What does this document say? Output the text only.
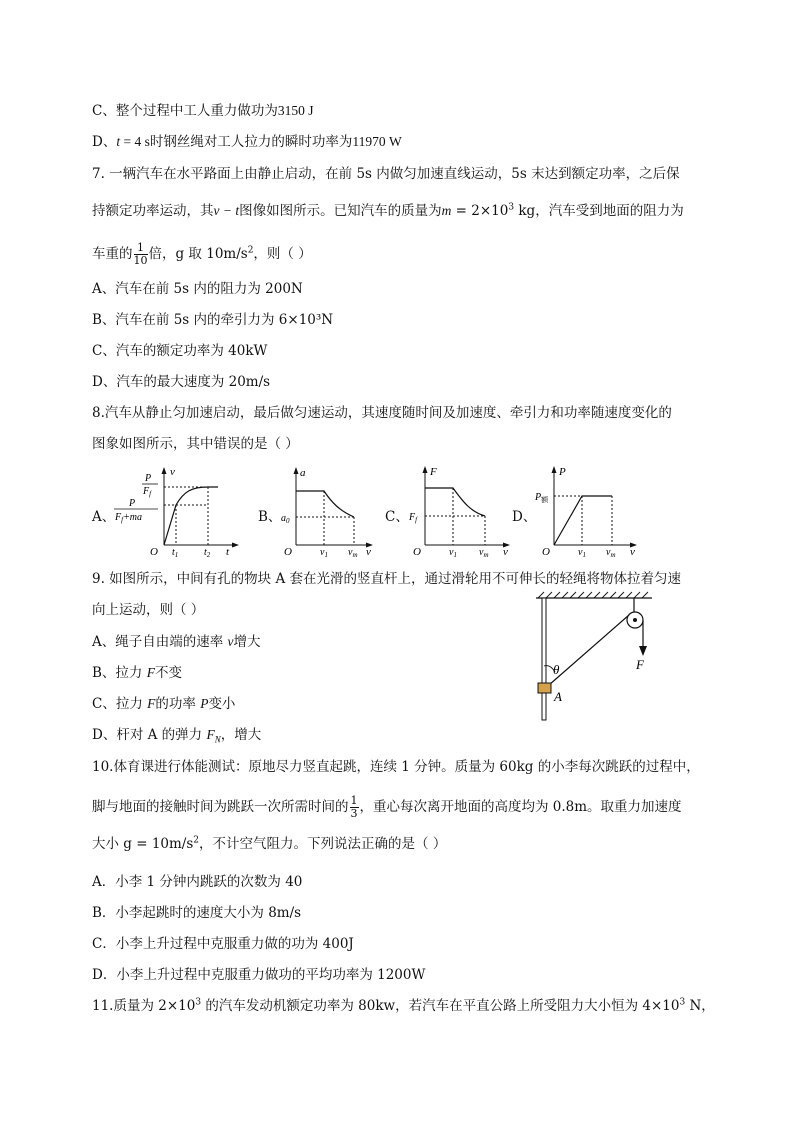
C、整个过程中工人重力做功为3150 J
D、t = 4 s时钢丝绳对工人拉力的瞬时功率为11970 W
7. 一辆汽车在水平路面上由静止启动，在前 5s 内做匀加速直线运动，5s 末达到额定功率，之后保
持额定功率运动，其v − t图像如图所示。已知汽车的质量为$m = 2\times 10^3$ kg，汽车受到地面的阻力为
车重的 $\frac{1}{10}$ 倍，g 取 $10m/s^2$，则（ ）
A、汽车在前 5s 内的阻力为 200N
B、汽车在前 5s 内的牵引力为 6×10³N
C、汽车的额定功率为 40kW
D、汽车的最大速度为 20m/s
8.汽车从静止匀加速启动，最后做匀速运动，其速度随时间及加速度、牵引力和功率随速度变化的
图象如图所示，其中错误的是（ ）
A、
v
t
O
P
$F_f$
P
$F_f+ma$
$t_1$	$t_2$
B、
a
v
O
$a_0$
$v_1$ $v_m$
C、
F
v
O
$F_f$
$v_1$ $v_m$
D、
P
v
O
$P_额$
$v_1$ $v_m$
9. 如图所示，中间有孔的物块 A 套在光滑的竖直杆上，通过滑轮用不可伸长的轻绳将物体拉着匀速
向上运动，则（ ）
A、绳子自由端的速率 v增大
B、拉力 F不变
C、拉力 F的功率 P变小
D、杆对 A 的弹力 $F_N$，增大
θ
A
F
10.体育课进行体能测试：原地尽力竖直起跳，连续 1 分钟。质量为 60kg 的小李每次跳跃的过程中，
脚与地面的接触时间为跳跃一次所需时间的 $\frac{1}{3}$ ，重心每次离开地面的高度均为 0.8m。取重力加速度
大小 $g = 10m/s^2$，不计空气阻力。下列说法正确的是（ ）
A．小李 1 分钟内跳跃的次数为 40
B．小李起跳时的速度大小为 8m/s
C．小李上升过程中克服重力做的功为 400J
D．小李上升过程中克服重力做功的平均功率为 1200W
11.质量为 $2\times 10^3$ 的汽车发动机额定功率为 80kw，若汽车在平直公路上所受阻力大小恒为 $4\times 10^3$ N，
